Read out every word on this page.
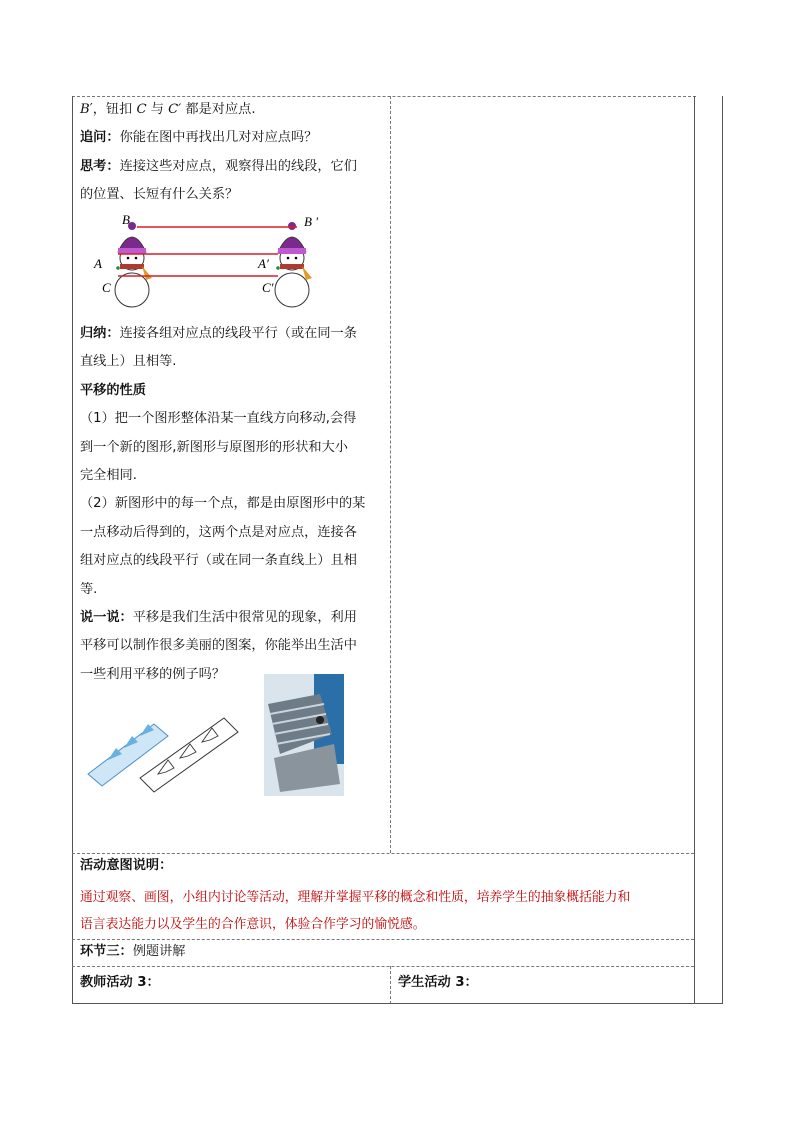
B′，钮扣 C 与 C′ 都是对应点.

追问：你能在图中再找出几对对应点吗？

思考：连接这些对应点，观察得出的线段，它们

的位置、长短有什么关系？

B	B ′
A	A′
C	C′

归纳：连接各组对应点的线段平行（或在同一条

直线上）且相等.

平移的性质

（1）把一个图形整体沿某一直线方向移动,会得

到一个新的图形,新图形与原图形的形状和大小

完全相同.

（2）新图形中的每一个点，都是由原图形中的某

一点移动后得到的，这两个点是对应点，连接各

组对应点的线段平行（或在同一条直线上）且相

等.

说一说：平移是我们生活中很常见的现象，利用

平移可以制作很多美丽的图案，你能举出生活中

一些利用平移的例子吗？

活动意图说明：
通过观察、画图，小组内讨论等活动，理解并掌握平移的概念和性质，培养学生的抽象概括能力和
语言表达能力以及学生的合作意识，体验合作学习的愉悦感。
环节三：例题讲解
教师活动 3：	学生活动 3：
